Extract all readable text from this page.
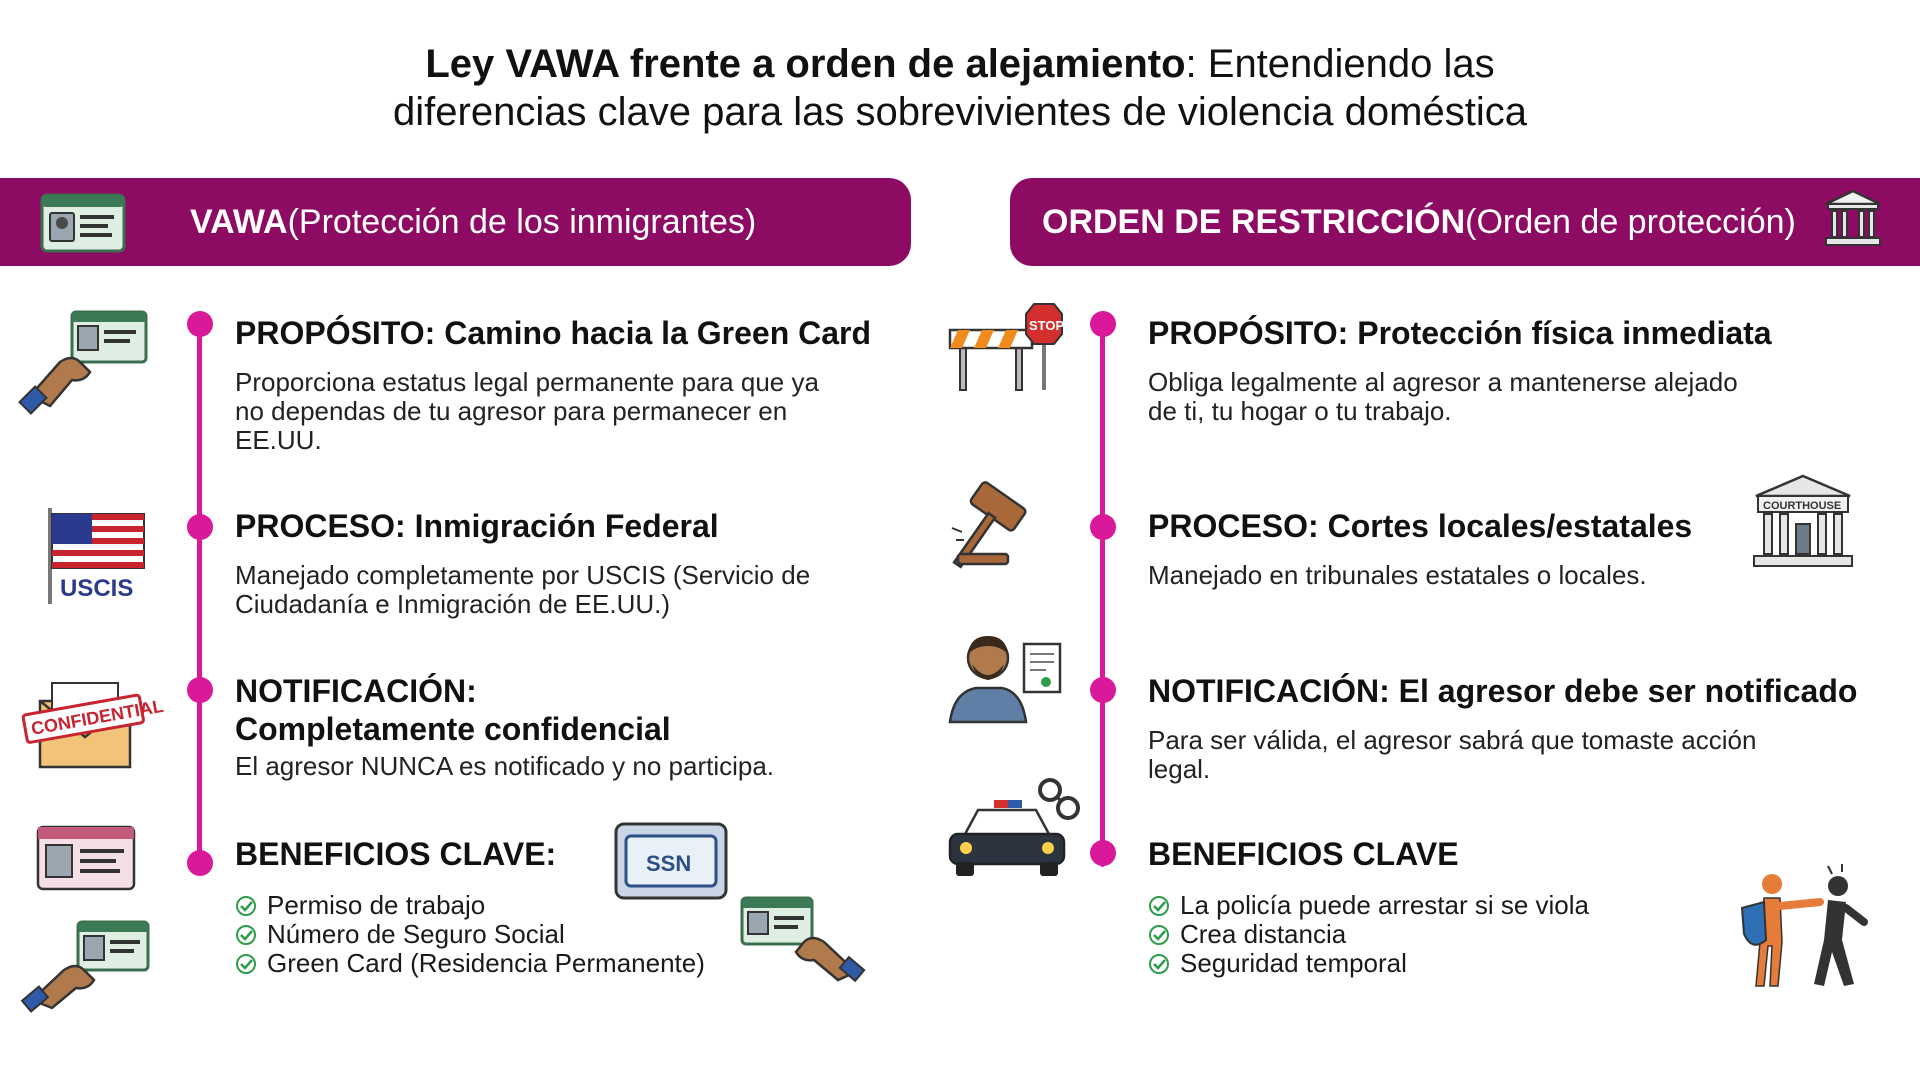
Ley VAWA frente a orden de alejamiento: Entendiendo las
diferencias clave para las sobrevivientes de violencia doméstica
VAWA (Protección de los inmigrantes)	ORDEN DE RESTRICCIÓN (Orden de protección)
PROPÓSITO: Camino hacia la Green Card
Proporciona estatus legal permanente para que ya no dependas de tu agresor para permanecer en EE.UU.
PROCESO: Inmigración Federal
Manejado completamente por USCIS (Servicio de Ciudadanía e Inmigración de EE.UU.)
NOTIFICACIÓN:
Completamente confidencial
El agresor NUNCA es notificado y no participa.
BENEFICIOS CLAVE:
Permiso de trabajo
Número de Seguro Social
Green Card (Residencia Permanente)
USCIS
CONFIDENTIAL
SSN
PROPÓSITO: Protección física inmediata
Obliga legalmente al agresor a mantenerse alejado de ti, tu hogar o tu trabajo.
PROCESO: Cortes locales/estatales
Manejado en tribunales estatales o locales.
NOTIFICACIÓN: El agresor debe ser notificado
Para ser válida, el agresor sabrá que tomaste acción legal.
BENEFICIOS CLAVE
La policía puede arrestar si se viola
Crea distancia
Seguridad temporal
STOP
COURTHOUSE
